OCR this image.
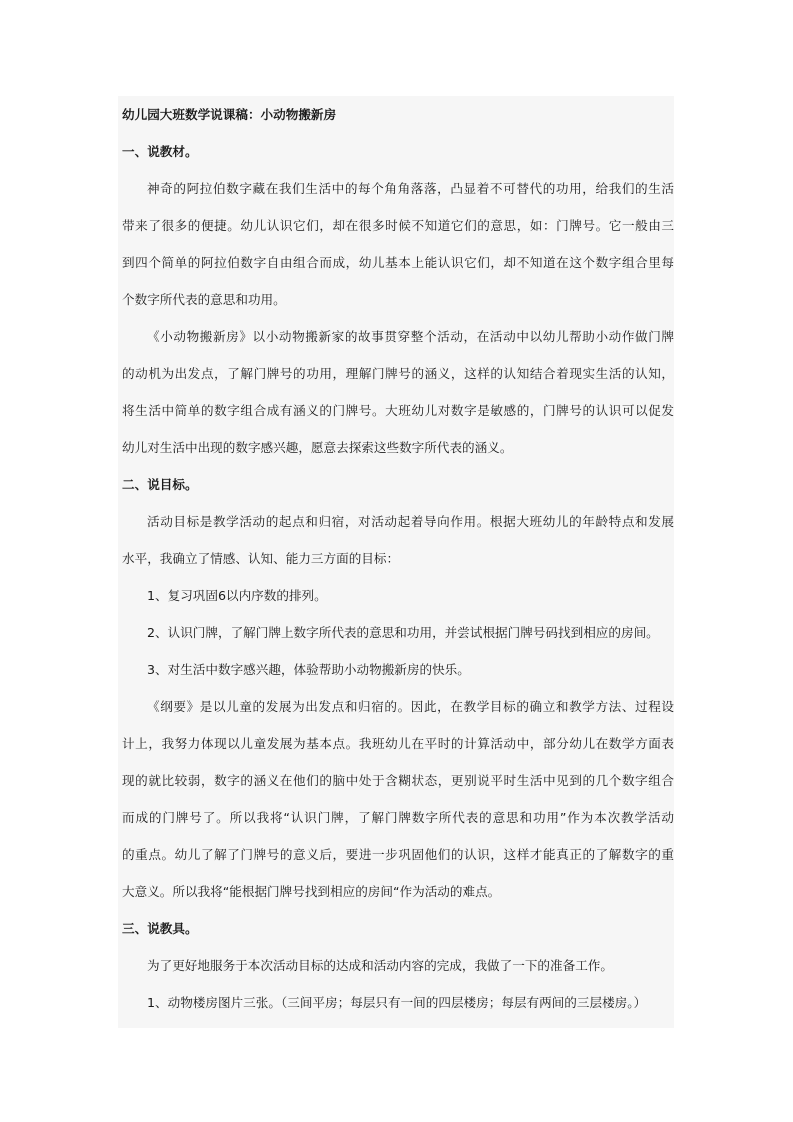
幼儿园大班数学说课稿：小动物搬新房
一、说教材。
神奇的阿拉伯数字藏在我们生活中的每个角角落落，凸显着不可替代的功用，给我们的生活
带来了很多的便捷。幼儿认识它们，却在很多时候不知道它们的意思，如：门牌号。它一般由三
到四个简单的阿拉伯数字自由组合而成，幼儿基本上能认识它们，却不知道在这个数字组合里每
个数字所代表的意思和功用。
《小动物搬新房》以小动物搬新家的故事贯穿整个活动，在活动中以幼儿帮助小动作做门牌
的动机为出发点，了解门牌号的功用，理解门牌号的涵义，这样的认知结合着现实生活的认知，
将生活中简单的数字组合成有涵义的门牌号。大班幼儿对数字是敏感的，门牌号的认识可以促发
幼儿对生活中出现的数字感兴趣，愿意去探索这些数字所代表的涵义。
二、说目标。
活动目标是教学活动的起点和归宿，对活动起着导向作用。根据大班幼儿的年龄特点和发展
水平，我确立了情感、认知、能力三方面的目标：
1、复习巩固6以内序数的排列。
2、认识门牌，了解门牌上数字所代表的意思和功用，并尝试根据门牌号码找到相应的房间。
3、对生活中数字感兴趣，体验帮助小动物搬新房的快乐。
《纲要》是以儿童的发展为出发点和归宿的。因此，在教学目标的确立和教学方法、过程设
计上，我努力体现以儿童发展为基本点。我班幼儿在平时的计算活动中，部分幼儿在数学方面表
现的就比较弱，数字的涵义在他们的脑中处于含糊状态，更别说平时生活中见到的几个数字组合
而成的门牌号了。所以我将“认识门牌，了解门牌数字所代表的意思和功用”作为本次教学活动
的重点。幼儿了解了门牌号的意义后，要进一步巩固他们的认识，这样才能真正的了解数字的重
大意义。所以我将“能根据门牌号找到相应的房间“作为活动的难点。
三、说教具。
为了更好地服务于本次活动目标的达成和活动内容的完成，我做了一下的准备工作。
1、动物楼房图片三张。（三间平房；每层只有一间的四层楼房；每层有两间的三层楼房。）
